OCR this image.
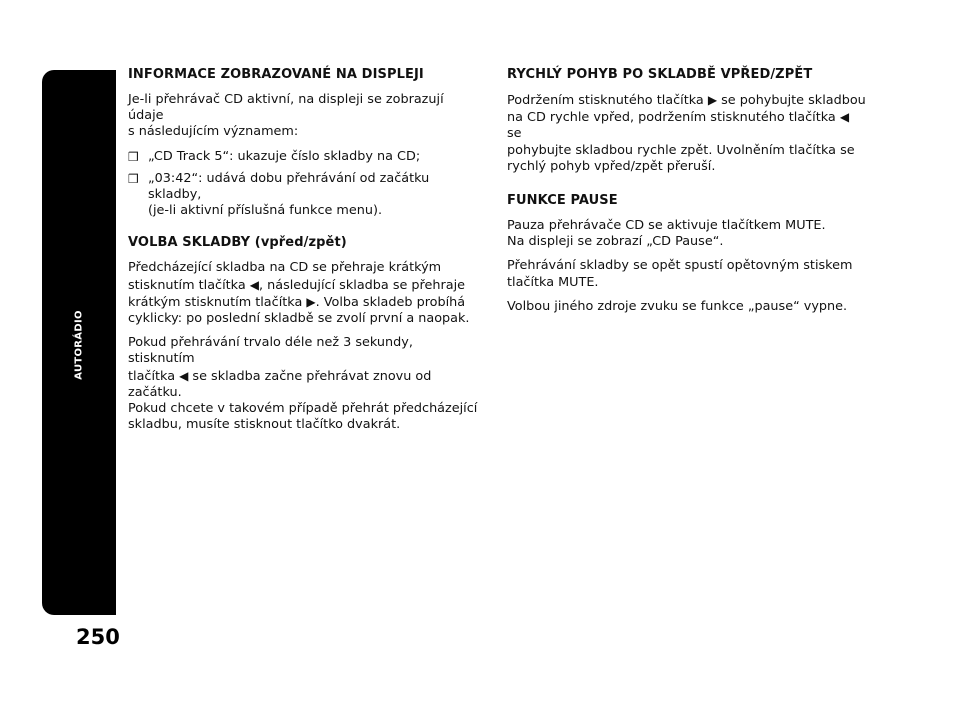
AUTORÁDIO
250
INFORMACE ZOBRAZOVANÉ NA DISPLEJI

Je-li přehrávač CD aktivní, na displeji se zobrazují údaje
s následujícím významem:

❒ „CD Track 5“: ukazuje číslo skladby na CD;
❒ „03:42“: udává dobu přehrávání od začátku skladby,
(je-li aktivní příslušná funkce menu).
VOLBA SKLADBY (vpřed/zpět)

Předcházející skladba na CD se přehraje krátkým
stisknutím tlačítka ◀, následující skladba se přehraje
krátkým stisknutím tlačítka ▶. Volba skladeb probíhá
cyklicky: po poslední skladbě se zvolí první a naopak.

Pokud přehrávání trvalo déle než 3 sekundy, stisknutím
tlačítka ◀ se skladba začne přehrávat znovu od začátku.
Pokud chcete v takovém případě přehrát předcházející
skladbu, musíte stisknout tlačítko dvakrát.

RYCHLÝ POHYB PO SKLADBĚ VPŘED/ZPĚT

Podržením stisknutého tlačítka ▶ se pohybujte skladbou
na CD rychle vpřed, podržením stisknutého tlačítka ◀ se
pohybujte skladbou rychle zpět. Uvolněním tlačítka se
rychlý pohyb vpřed/zpět přeruší.

FUNKCE PAUSE

Pauza přehrávače CD se aktivuje tlačítkem MUTE.
Na displeji se zobrazí „CD Pause“.

Přehrávání skladby se opět spustí opětovným stiskem
tlačítka MUTE.

Volbou jiného zdroje zvuku se funkce „pause“ vypne.
